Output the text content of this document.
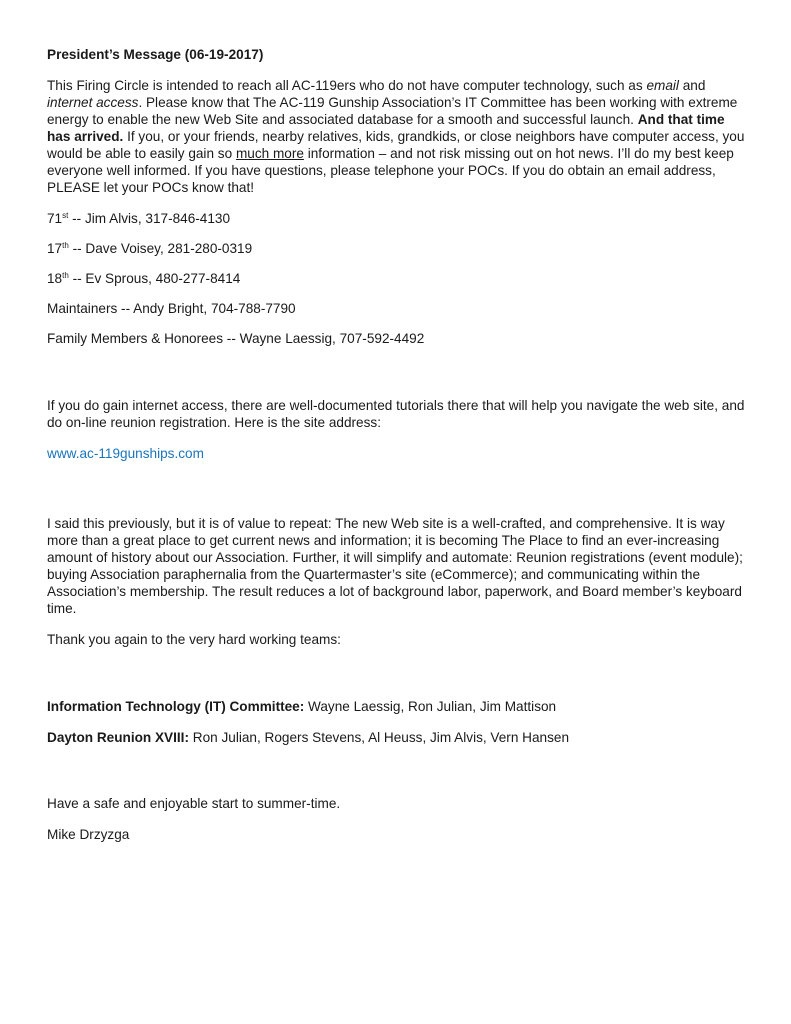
President’s Message (06-19-2017)

This Firing Circle is intended to reach all AC-119ers who do not have computer technology, such as email and internet access. Please know that The AC-119 Gunship Association’s IT Committee has been working with extreme energy to enable the new Web Site and associated database for a smooth and successful launch. And that time has arrived. If you, or your friends, nearby relatives, kids, grandkids, or close neighbors have computer access, you would be able to easily gain so much more information – and not risk missing out on hot news. I’ll do my best keep everyone well informed. If you have questions, please telephone your POCs. If you do obtain an email address, PLEASE let your POCs know that!

71st -- Jim Alvis, 317-846-4130

17th -- Dave Voisey, 281-280-0319

18th -- Ev Sprous, 480-277-8414

Maintainers -- Andy Bright, 704-788-7790

Family Members & Honorees -- Wayne Laessig, 707-592-4492

If you do gain internet access, there are well-documented tutorials there that will help you navigate the web site, and do on-line reunion registration. Here is the site address:

www.ac-119gunships.com

I said this previously, but it is of value to repeat: The new Web site is a well-crafted, and comprehensive. It is way more than a great place to get current news and information; it is becoming The Place to find an ever-increasing amount of history about our Association. Further, it will simplify and automate: Reunion registrations (event module); buying Association paraphernalia from the Quartermaster’s site (eCommerce); and communicating within the Association’s membership. The result reduces a lot of background labor, paperwork, and Board member’s keyboard time.

Thank you again to the very hard working teams:

Information Technology (IT) Committee: Wayne Laessig, Ron Julian, Jim Mattison

Dayton Reunion XVIII: Ron Julian, Rogers Stevens, Al Heuss, Jim Alvis, Vern Hansen

Have a safe and enjoyable start to summer-time.

Mike Drzyzga
